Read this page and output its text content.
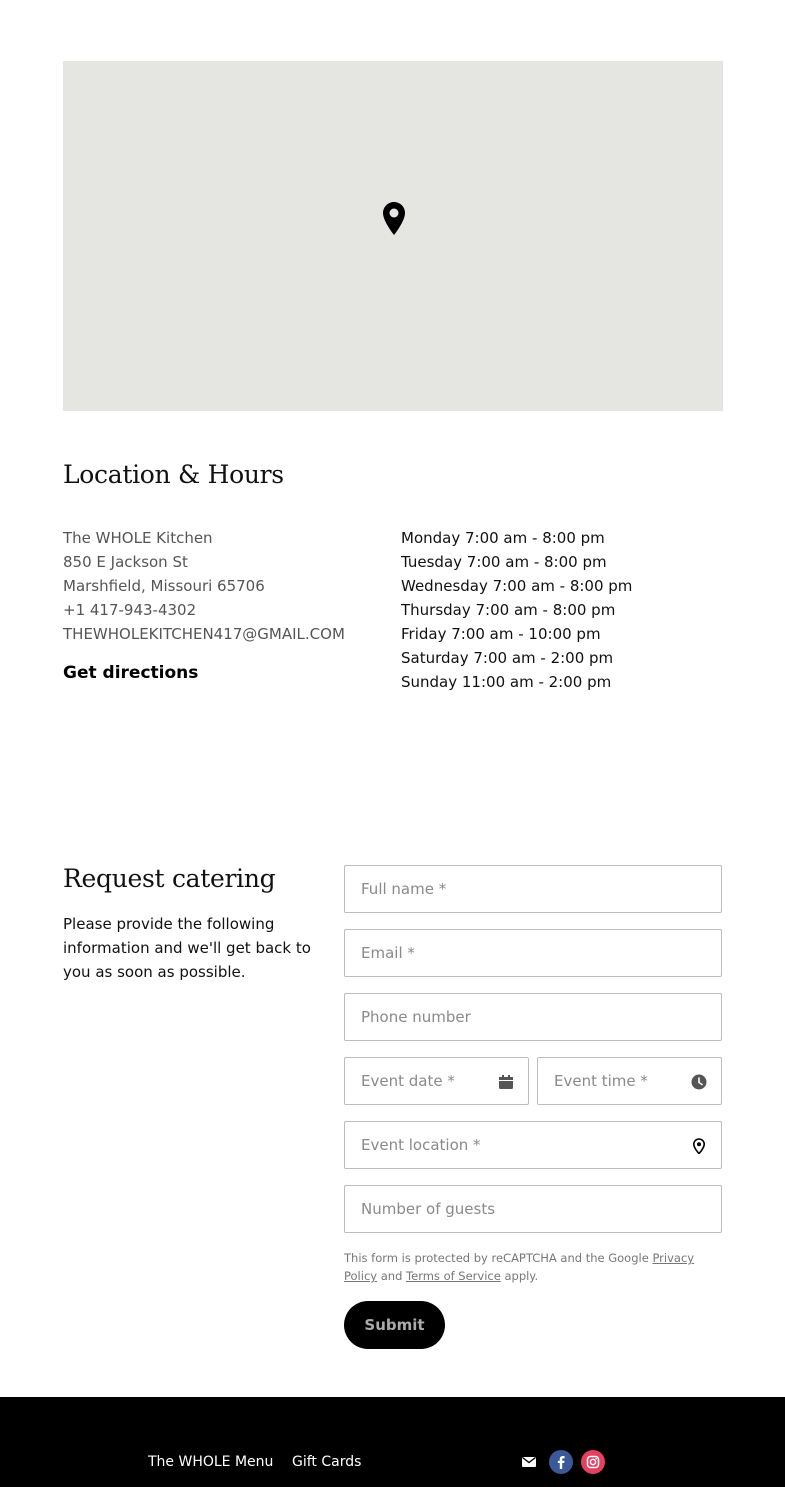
Location & Hours
The WHOLE Kitchen
850 E Jackson St
Marshfield, Missouri 65706
+1 417-943-4302
THEWHOLEKITCHEN417@GMAIL.COM
Get directions
Monday 7:00 am - 8:00 pm
Tuesday 7:00 am - 8:00 pm
Wednesday 7:00 am - 8:00 pm
Thursday 7:00 am - 8:00 pm
Friday 7:00 am - 10:00 pm
Saturday 7:00 am - 2:00 pm
Sunday 11:00 am - 2:00 pm
Request catering

Please provide the following information and we'll get back to you as soon as possible.

Full name *
Email *
Phone number
Event date *
Event time *
Event location *
Number of guests

This form is protected by reCAPTCHA and the Google Privacy Policy and Terms of Service apply.

Submit
The WHOLE Menu Gift Cards
